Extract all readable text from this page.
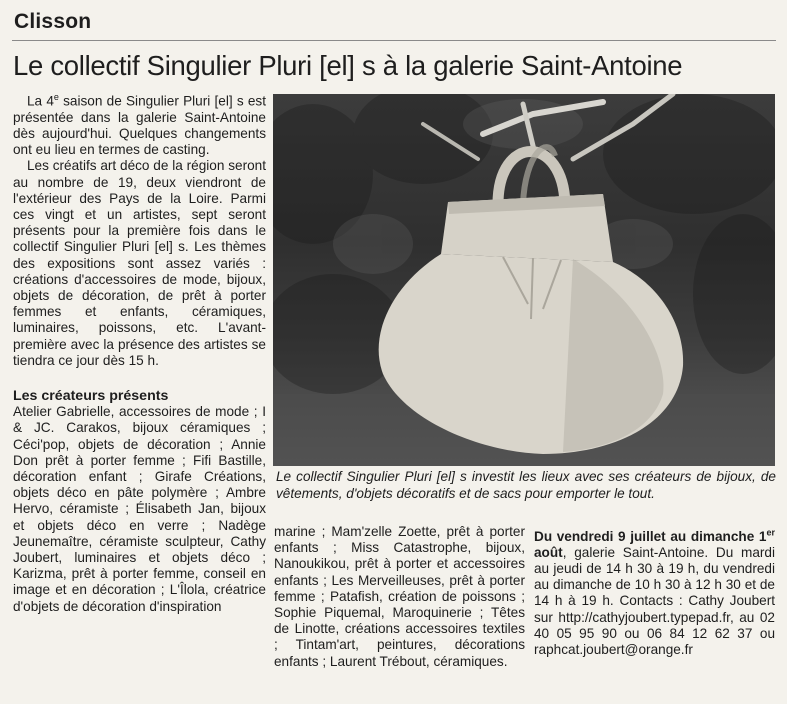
Clisson
Le collectif Singulier Pluri [el] s à la galerie Saint-Antoine

La 4e saison de Singulier Pluri [el] s est présentée dans la galerie Saint-Antoine dès aujourd'hui. Quelques changements ont eu lieu en termes de casting.

Les créatifs art déco de la région seront au nombre de 19, deux viendront de l'extérieur des Pays de la Loire. Parmi ces vingt et un artistes, sept seront présents pour la première fois dans le collectif Singulier Pluri [el] s. Les thèmes des expositions sont assez variés : créations d'accessoires de mode, bijoux, objets de décoration, de prêt à porter femmes et enfants, céramiques, luminaires, poissons, etc. L'avant-première avec la présence des artistes se tiendra ce jour dès 15 h.

Les créateurs présents

Atelier Gabrielle, accessoires de mode ; I & JC. Carakos, bijoux céramiques ; Céci'pop, objets de décoration ; Annie Don prêt à porter femme ; Fifi Bastille, décoration enfant ; Girafe Créations, objets déco en pâte polymère ; Ambre Hervo, céramiste ; Élisabeth Jan, bijoux et objets déco en verre ; Nadège Jeunemaître, céramiste sculpteur, Cathy Joubert, luminaires et objets déco ; Karizma, prêt à porter femme, conseil en image et en décoration ; L'Îlola, créatrice d'objets de décoration d'inspiration

Le collectif Singulier Pluri [el] s investit les lieux avec ses créateurs de bijoux, de vêtements, d'objets décoratifs et de sacs pour emporter le tout.

marine ; Mam'zelle Zoette, prêt à porter enfants ; Miss Catastrophe, bijoux, Nanoukikou, prêt à porter et accessoires enfants ; Les Merveilleuses, prêt à porter femme ; Patafish, création de poissons ; Sophie Piquemal, Maroquinerie ; Têtes de Linotte, créations accessoires textiles ; Tintam'art, peintures, décorations enfants ; Laurent Trébout, céramiques.

Du vendredi 9 juillet au dimanche 1er août, galerie Saint-Antoine. Du mardi au jeudi de 14 h 30 à 19 h, du vendredi au dimanche de 10 h 30 à 12 h 30 et de 14 h à 19 h. Contacts : Cathy Joubert sur http://cathyjoubert.typepad.fr, au 02 40 05 95 90 ou 06 84 12 62 37 ou raphcat.joubert@orange.fr
